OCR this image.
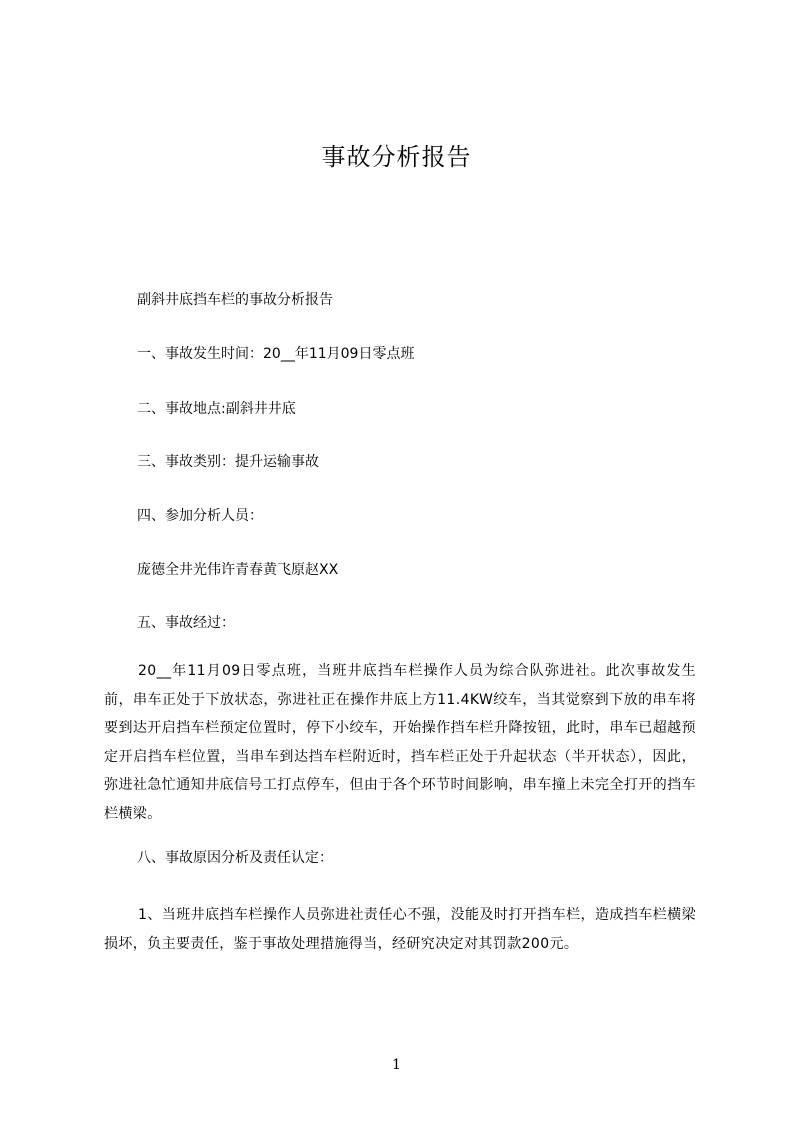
事故分析报告
副斜井底挡车栏的事故分析报告
一、事故发生时间：20__年11月09日零点班
二、事故地点:副斜井井底
三、事故类别：提升运输事故
四、参加分析人员：
庞德全井光伟许青春黄飞原赵XX
五、事故经过：
20__年11月09日零点班，当班井底挡车栏操作人员为综合队弥进社。此次事故发生前，串车正处于下放状态，弥进社正在操作井底上方11.4KW绞车，当其觉察到下放的串车将要到达开启挡车栏预定位置时，停下小绞车，开始操作挡车栏升降按钮，此时，串车已超越预定开启挡车栏位置，当串车到达挡车栏附近时，挡车栏正处于升起状态（半开状态），因此，弥进社急忙通知井底信号工打点停车，但由于各个环节时间影响，串车撞上未完全打开的挡车栏横梁。
八、事故原因分析及责任认定：
1、当班井底挡车栏操作人员弥进社责任心不强，没能及时打开挡车栏，造成挡车栏横梁损坏，负主要责任，鉴于事故处理措施得当，经研究决定对其罚款200元。
1
